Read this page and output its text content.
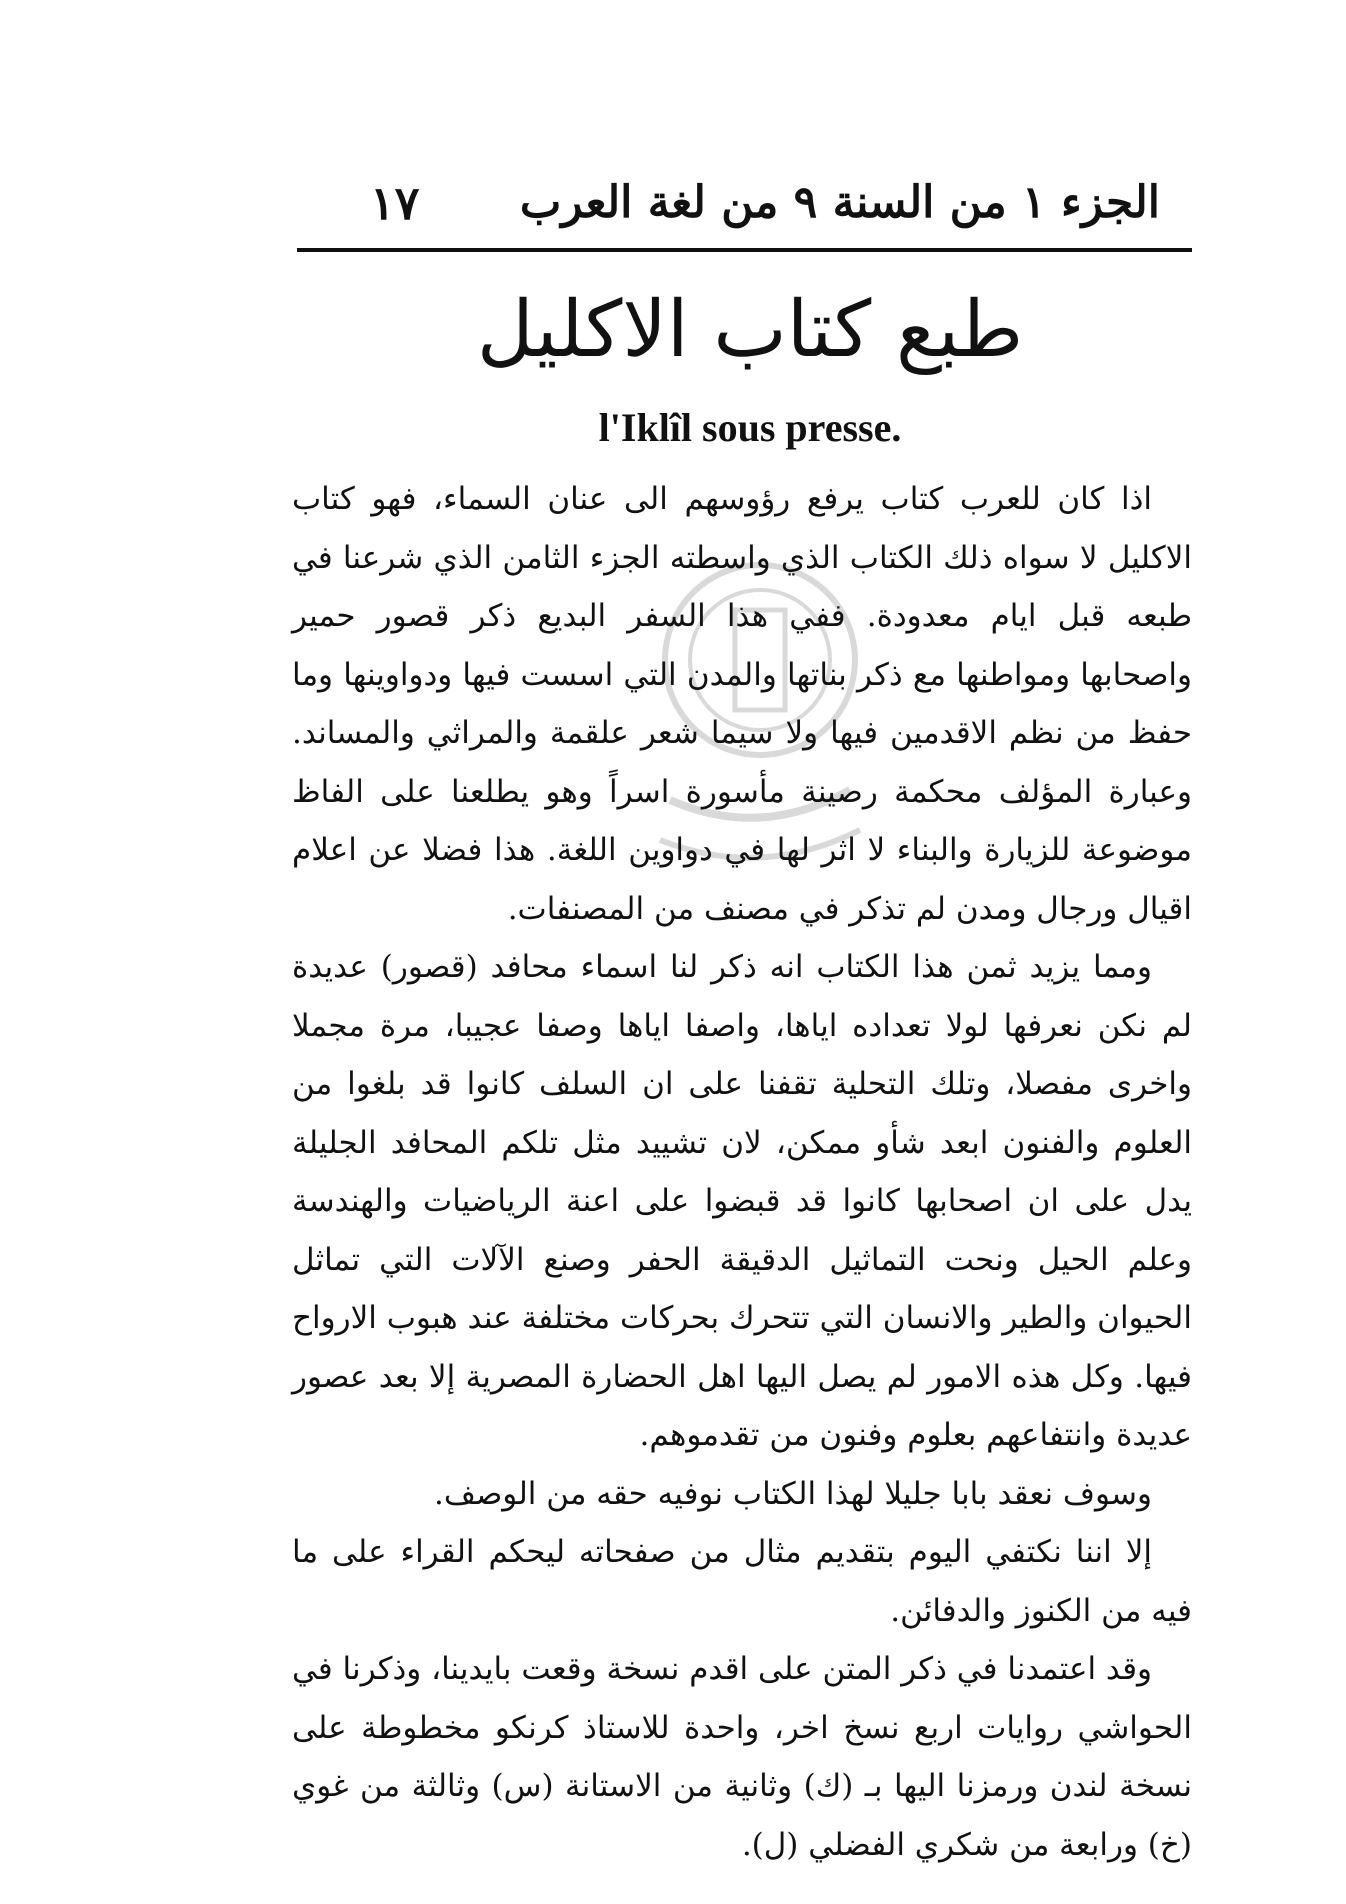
الجزء ١ من السنة ٩ من لغة العرب
١٧
طبع كتاب الاكليل
l'Iklîl sous presse.

اذا كان للعرب كتاب يرفع رؤوسهم الى عنان السماء، فهو كتاب الاكليل لا سواه ذلك الكتاب الذي واسطته الجزء الثامن الذي شرعنا في طبعه قبل ايام معدودة. ففي هذا السفر البديع ذكر قصور حمير واصحابها ومواطنها مع ذكر بناتها والمدن التي اسست فيها ودواوينها وما حفظ من نظم الاقدمين فيها ولا سيما شعر علقمة والمراثي والمساند. وعبارة المؤلف محكمة رصينة مأسورة اسراً وهو يطلعنا على الفاظ موضوعة للزيارة والبناء لا اثر لها في دواوين اللغة. هذا فضلا عن اعلام اقيال ورجال ومدن لم تذكر في مصنف من المصنفات.

ومما يزيد ثمن هذا الكتاب انه ذكر لنا اسماء محافد (قصور) عديدة لم نكن نعرفها لولا تعداده اياها، واصفا اياها وصفا عجيبا، مرة مجملا واخرى مفصلا، وتلك التحلية تقفنا على ان السلف كانوا قد بلغوا من العلوم والفنون ابعد شأو ممكن، لان تشييد مثل تلكم المحافد الجليلة يدل على ان اصحابها كانوا قد قبضوا على اعنة الرياضيات والهندسة وعلم الحيل ونحت التماثيل الدقيقة الحفر وصنع الآلات التي تماثل الحيوان والطير والانسان التي تتحرك بحركات مختلفة عند هبوب الارواح فيها. وكل هذه الامور لم يصل اليها اهل الحضارة المصرية إلا بعد عصور عديدة وانتفاعهم بعلوم وفنون من تقدموهم.

وسوف نعقد بابا جليلا لهذا الكتاب نوفيه حقه من الوصف.

إلا اننا نكتفي اليوم بتقديم مثال من صفحاته ليحكم القراء على ما فيه من الكنوز والدفائن.

وقد اعتمدنا في ذكر المتن على اقدم نسخة وقعت بايدينا، وذكرنا في الحواشي روايات اربع نسخ اخر، واحدة للاستاذ كرنكو مخطوطة على نسخة لندن ورمزنا اليها بـ (ك) وثانية من الاستانة (س) وثالثة من غوي (خ) ورابعة من شكري الفضلي (ل).
